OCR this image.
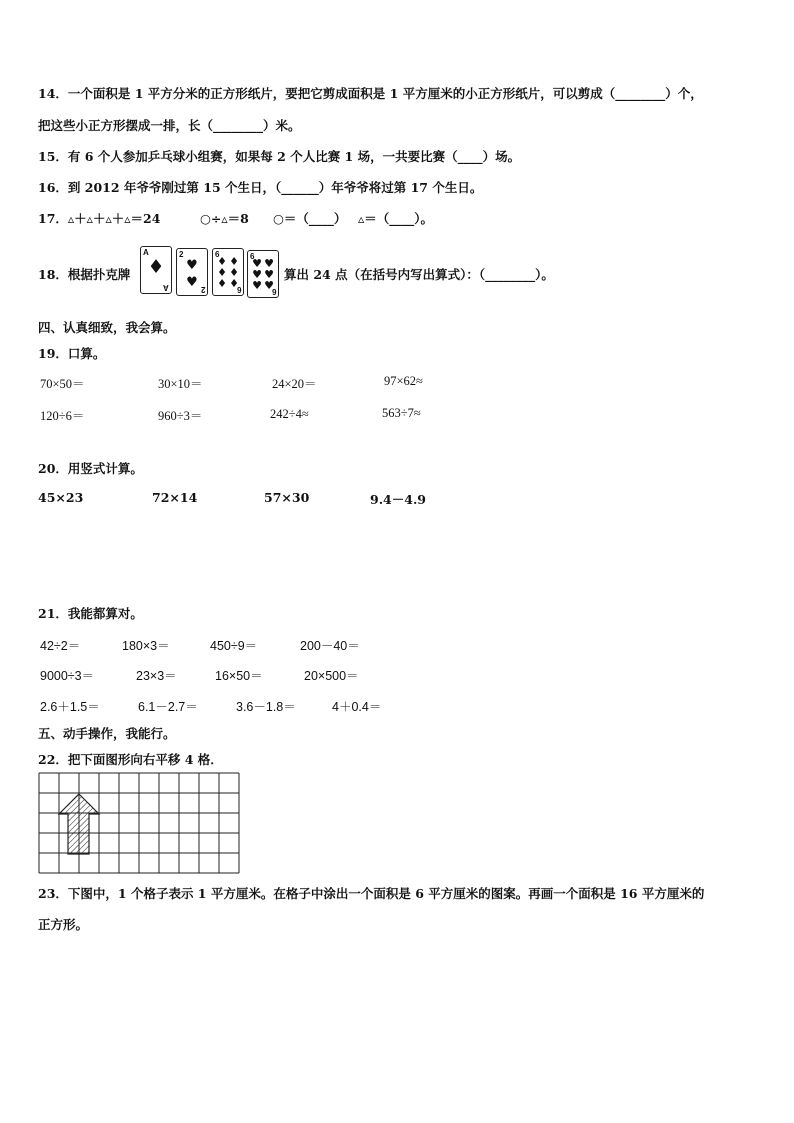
14．一个面积是 1 平方分米的正方形纸片，要把它剪成面积是 1 平方厘米的小正方形纸片，可以剪成（________）个，
把这些小正方形摆成一排，长（________）米。
15．有 6 个人参加乒乓球小组赛，如果每 2 个人比赛 1 场，一共要比赛（____）场。
16．到 2012 年爷爷刚过第 15 个生日，（______）年爷爷将过第 17 个生日。
17．▵＋▵＋▵＋▵＝24	○÷▵＝8 ○＝（____） ▵＝（____）。
18．根据扑克牌
A
♦
A
2
♥
♥ 2
6
♦ ♦
♦ ♦
♦ ♦
6
6
♥ ♥
♥ ♥
♥ ♥
6
算出 24 点（在括号内写出算式）：（________）。
四、认真细致，我会算。
19．口算。
70×50＝	30×10＝	24×20＝	97×62≈
120÷6＝	960÷3＝	242÷4≈	563÷7≈
20．用竖式计算。
45×23	72×14	57×30	9.4－4.9
21．我能都算对。
42÷2＝	180×3＝	450÷9＝	200－40＝
9000÷3＝	23×3＝	16×50＝	20×500＝
2.6＋1.5＝	6.1－2.7＝	3.6－1.8＝	4＋0.4＝
五、动手操作，我能行。
22．把下面图形向右平移 4 格．
23．下图中，1 个格子表示 1 平方厘米。在格子中涂出一个面积是 6 平方厘米的图案。再画一个面积是 16 平方厘米的
正方形。
